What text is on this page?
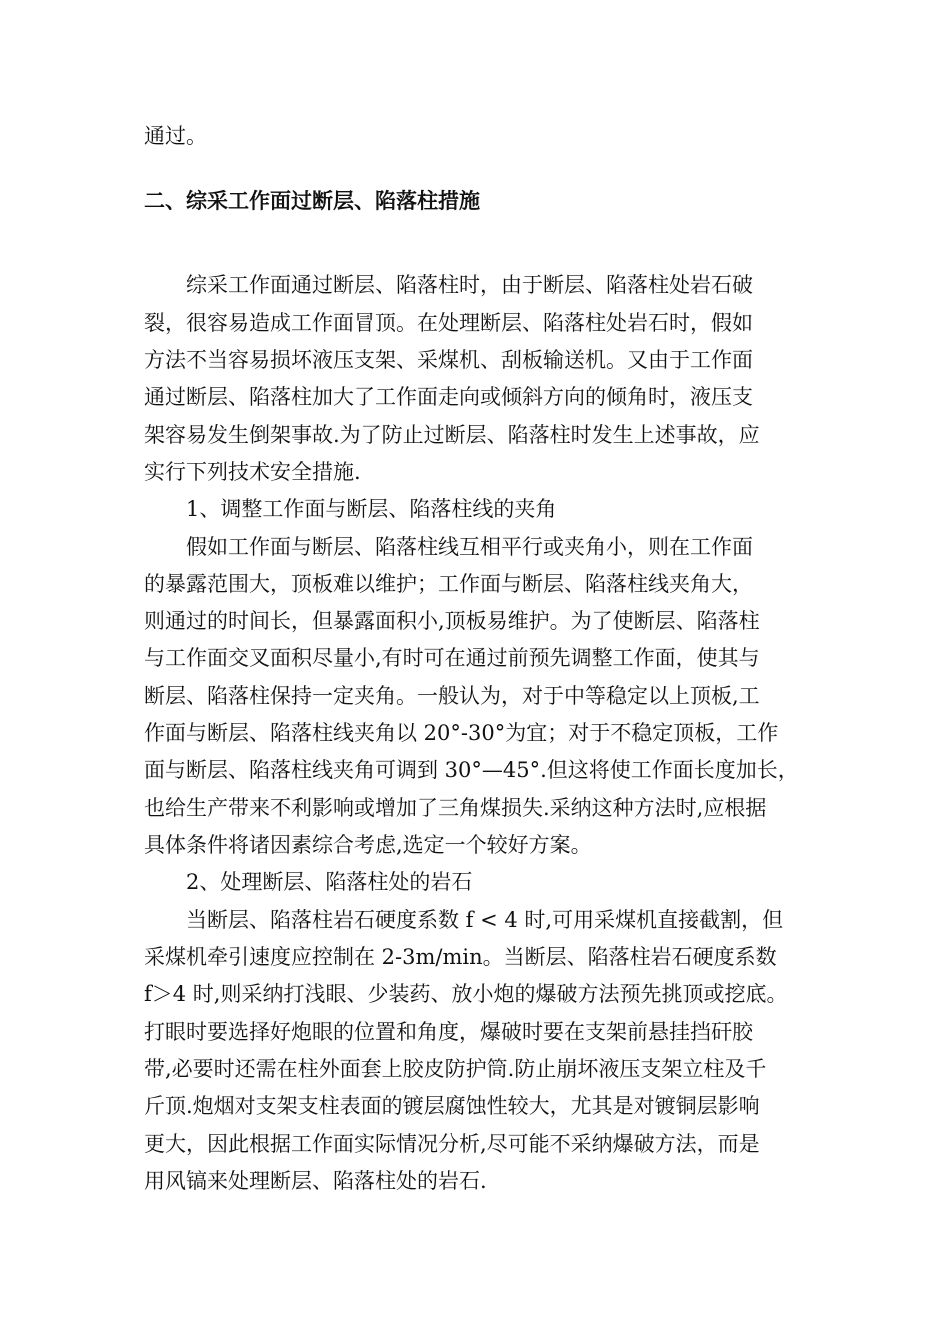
通过。
二、综采工作面过断层、陷落柱措施
综采工作面通过断层、陷落柱时，由于断层、陷落柱处岩石破
裂，很容易造成工作面冒顶。在处理断层、陷落柱处岩石时，假如
方法不当容易损坏液压支架、采煤机、刮板输送机。又由于工作面
通过断层、陷落柱加大了工作面走向或倾斜方向的倾角时，液压支
架容易发生倒架事故.为了防止过断层、陷落柱时发生上述事故，应
实行下列技术安全措施.
1、调整工作面与断层、陷落柱线的夹角
假如工作面与断层、陷落柱线互相平行或夹角小，则在工作面
的暴露范围大，顶板难以维护；工作面与断层、陷落柱线夹角大，
则通过的时间长，但暴露面积小,顶板易维护。为了使断层、陷落柱
与工作面交叉面积尽量小,有时可在通过前预先调整工作面，使其与
断层、陷落柱保持一定夹角。一般认为，对于中等稳定以上顶板,工
作面与断层、陷落柱线夹角以 20°-30°为宜；对于不稳定顶板，工作
面与断层、陷落柱线夹角可调到 30°—45°.但这将使工作面长度加长，
也给生产带来不利影响或增加了三角煤损失.采纳这种方法时,应根据
具体条件将诸因素综合考虑,选定一个较好方案。
2、处理断层、陷落柱处的岩石
当断层、陷落柱岩石硬度系数 f < 4 时,可用采煤机直接截割，但
采煤机牵引速度应控制在 2-3m/min。当断层、陷落柱岩石硬度系数
f＞4 时,则采纳打浅眼、少装药、放小炮的爆破方法预先挑顶或挖底。
打眼时要选择好炮眼的位置和角度，爆破时要在支架前悬挂挡矸胶
带,必要时还需在柱外面套上胶皮防护筒.防止崩坏液压支架立柱及千
斤顶.炮烟对支架支柱表面的镀层腐蚀性较大，尤其是对镀铜层影响
更大，因此根据工作面实际情况分析,尽可能不采纳爆破方法，而是
用风镐来处理断层、陷落柱处的岩石.
